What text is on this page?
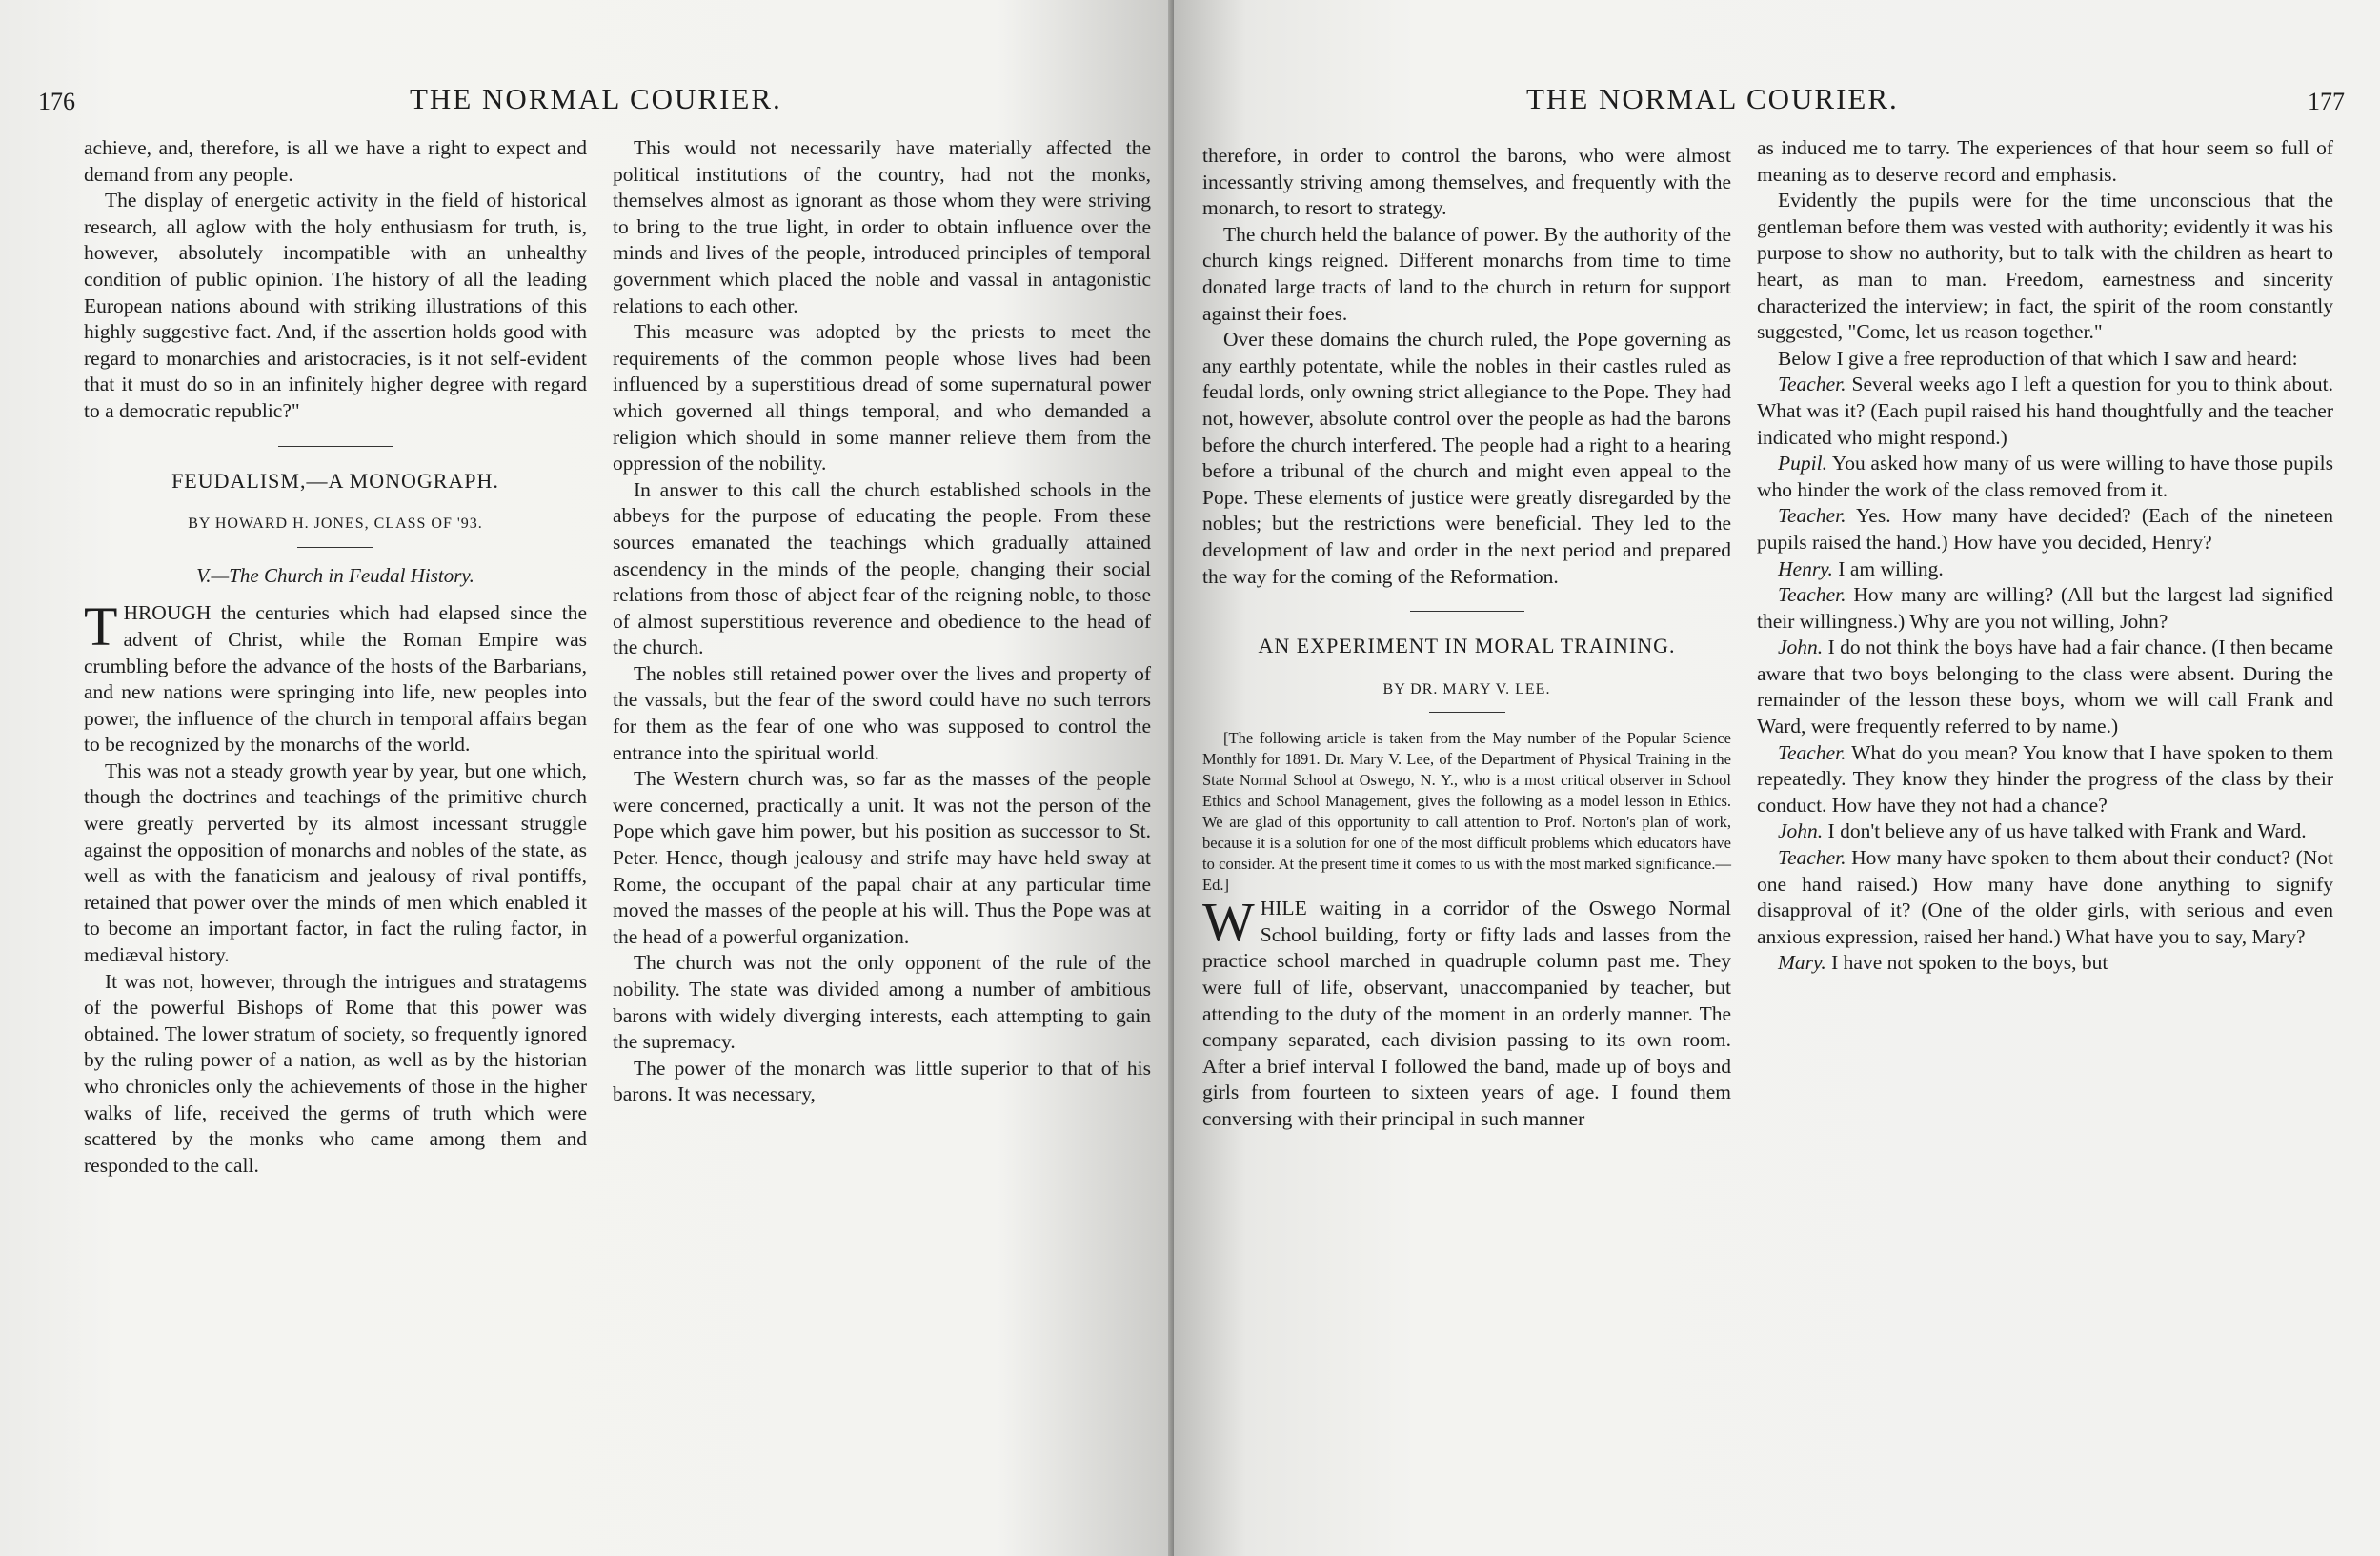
176	THE NORMAL COURIER.

achieve, and, therefore, is all we have a right to expect and demand from any people.

The display of energetic activity in the field of historical research, all aglow with the holy enthusiasm for truth, is, however, absolutely incompatible with an unhealthy condition of public opinion. The history of all the leading European nations abound with striking illustrations of this highly suggestive fact. And, if the assertion holds good with regard to monarchies and aristocracies, is it not self-evident that it must do so in an infinitely higher degree with regard to a democratic republic?"

FEUDALISM,—A MONOGRAPH.
BY HOWARD H. JONES, CLASS OF '93.
V.—The Church in Feudal History.

THROUGH the centuries which had elapsed since the advent of Christ, while the Roman Empire was crumbling before the advance of the hosts of the Barbarians, and new nations were springing into life, new peoples into power, the influence of the church in temporal affairs began to be recognized by the monarchs of the world.

This was not a steady growth year by year, but one which, though the doctrines and teachings of the primitive church were greatly perverted by its almost incessant struggle against the opposition of monarchs and nobles of the state, as well as with the fanaticism and jealousy of rival pontiffs, retained that power over the minds of men which enabled it to become an important factor, in fact the ruling factor, in mediæval history.

It was not, however, through the intrigues and stratagems of the powerful Bishops of Rome that this power was obtained. The lower stratum of society, so frequently ignored by the ruling power of a nation, as well as by the historian who chronicles only the achievements of those in the higher walks of life, received the germs of truth which were scattered by the monks who came among them and responded to the call.

This would not necessarily have materially affected the political institutions of the country, had not the monks, themselves almost as ignorant as those whom they were striving to bring to the true light, in order to obtain influence over the minds and lives of the people, introduced principles of temporal government which placed the noble and vassal in antagonistic relations to each other.

This measure was adopted by the priests to meet the requirements of the common people whose lives had been influenced by a superstitious dread of some supernatural power which governed all things temporal, and who demanded a religion which should in some manner relieve them from the oppression of the nobility.

In answer to this call the church established schools in the abbeys for the purpose of educating the people. From these sources emanated the teachings which gradually attained ascendency in the minds of the people, changing their social relations from those of abject fear of the reigning noble, to those of almost superstitious reverence and obedience to the head of the church.

The nobles still retained power over the lives and property of the vassals, but the fear of the sword could have no such terrors for them as the fear of one who was supposed to control the entrance into the spiritual world.

The Western church was, so far as the masses of the people were concerned, practically a unit. It was not the person of the Pope which gave him power, but his position as successor to St. Peter. Hence, though jealousy and strife may have held sway at Rome, the occupant of the papal chair at any particular time moved the masses of the people at his will. Thus the Pope was at the head of a powerful organization.

The church was not the only opponent of the rule of the nobility. The state was divided among a number of ambitious barons with widely diverging interests, each attempting to gain the supremacy.

The power of the monarch was little superior to that of his barons. It was necessary,

THE NORMAL COURIER.	177

therefore, in order to control the barons, who were almost incessantly striving among themselves, and frequently with the monarch, to resort to strategy.

The church held the balance of power. By the authority of the church kings reigned. Different monarchs from time to time donated large tracts of land to the church in return for support against their foes.

Over these domains the church ruled, the Pope governing as any earthly potentate, while the nobles in their castles ruled as feudal lords, only owning strict allegiance to the Pope. They had not, however, absolute control over the people as had the barons before the church interfered. The people had a right to a hearing before a tribunal of the church and might even appeal to the Pope. These elements of justice were greatly disregarded by the nobles; but the restrictions were beneficial. They led to the development of law and order in the next period and prepared the way for the coming of the Reformation.

AN EXPERIMENT IN MORAL TRAINING.
BY DR. MARY V. LEE.

[The following article is taken from the May number of the Popular Science Monthly for 1891. Dr. Mary V. Lee, of the Department of Physical Training in the State Normal School at Oswego, N. Y., who is a most critical observer in School Ethics and School Management, gives the following as a model lesson in Ethics. We are glad of this opportunity to call attention to Prof. Norton's plan of work, because it is a solution for one of the most difficult problems which educators have to consider. At the present time it comes to us with the most marked significance.—Ed.]

WHILE waiting in a corridor of the Oswego Normal School building, forty or fifty lads and lasses from the practice school marched in quadruple column past me. They were full of life, observant, unaccompanied by teacher, but attending to the duty of the moment in an orderly manner. The company separated, each division passing to its own room. After a brief interval I followed the band, made up of boys and girls from fourteen to sixteen years of age. I found them conversing with their principal in such manner

as induced me to tarry. The experiences of that hour seem so full of meaning as to deserve record and emphasis.

Evidently the pupils were for the time unconscious that the gentleman before them was vested with authority; evidently it was his purpose to show no authority, but to talk with the children as heart to heart, as man to man. Freedom, earnestness and sincerity characterized the interview; in fact, the spirit of the room constantly suggested, "Come, let us reason together."

Below I give a free reproduction of that which I saw and heard:

Teacher. Several weeks ago I left a question for you to think about. What was it? (Each pupil raised his hand thoughtfully and the teacher indicated who might respond.)

Pupil. You asked how many of us were willing to have those pupils who hinder the work of the class removed from it.

Teacher. Yes. How many have decided? (Each of the nineteen pupils raised the hand.) How have you decided, Henry?

Henry. I am willing.

Teacher. How many are willing? (All but the largest lad signified their willingness.) Why are you not willing, John?

John. I do not think the boys have had a fair chance. (I then became aware that two boys belonging to the class were absent. During the remainder of the lesson these boys, whom we will call Frank and Ward, were frequently referred to by name.)

Teacher. What do you mean? You know that I have spoken to them repeatedly. They know they hinder the progress of the class by their conduct. How have they not had a chance?

John. I don't believe any of us have talked with Frank and Ward.

Teacher. How many have spoken to them about their conduct? (Not one hand raised.) How many have done anything to signify disapproval of it? (One of the older girls, with serious and even anxious expression, raised her hand.) What have you to say, Mary?

Mary. I have not spoken to the boys, but
